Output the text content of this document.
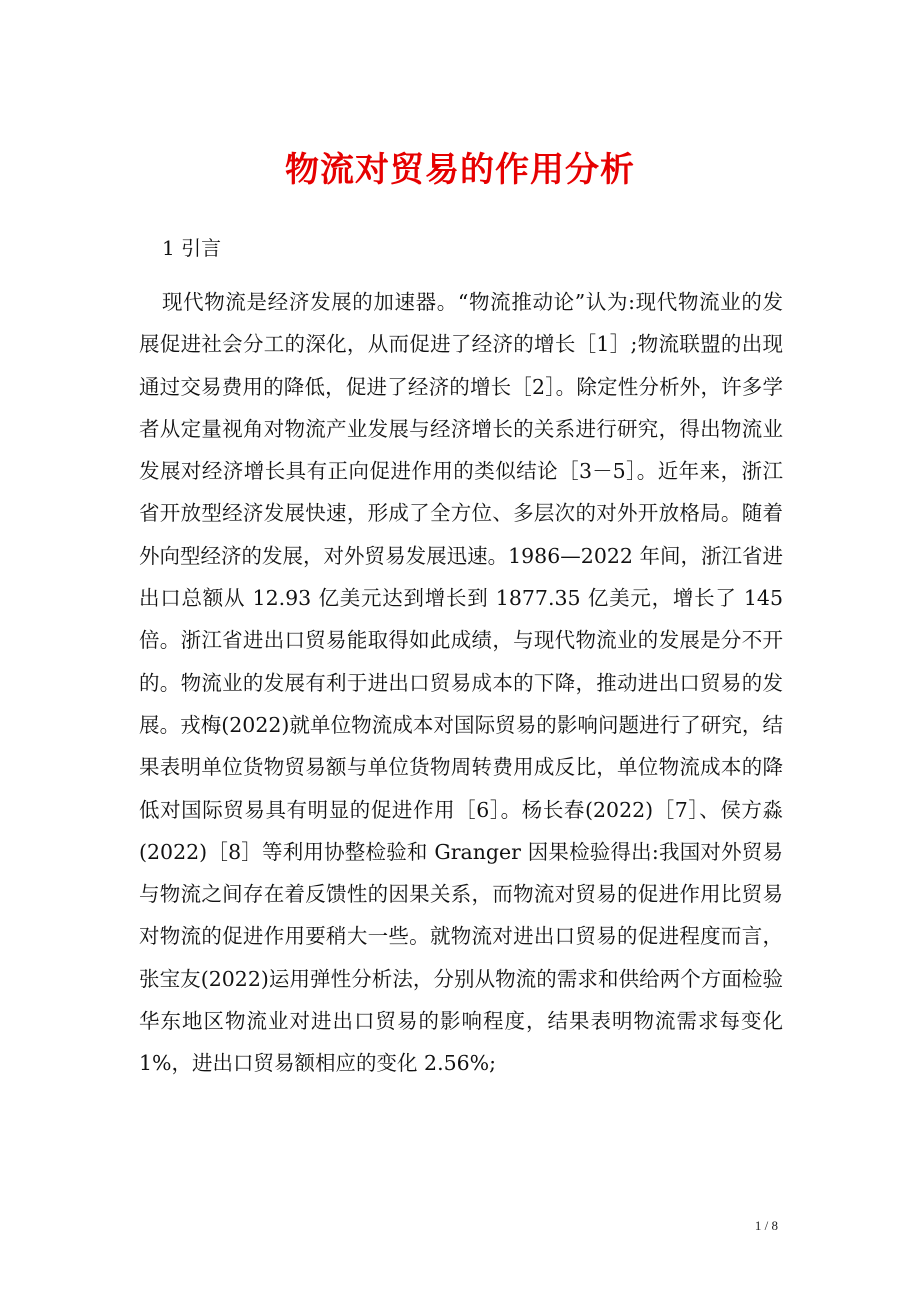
物流对贸易的作用分析
1 引言

现代物流是经济发展的加速器。“物流推动论”认为:现代物流业的发展促进社会分工的深化，从而促进了经济的增长［1］;物流联盟的出现通过交易费用的降低，促进了经济的增长［2］。除定性分析外，许多学者从定量视角对物流产业发展与经济增长的关系进行研究，得出物流业发展对经济增长具有正向促进作用的类似结论［3－5］。近年来，浙江省开放型经济发展快速，形成了全方位、多层次的对外开放格局。随着外向型经济的发展，对外贸易发展迅速。1986—2022 年间，浙江省进出口总额从 12.93 亿美元达到增长到 1877.35 亿美元，增长了 145 倍。浙江省进出口贸易能取得如此成绩，与现代物流业的发展是分不开的。物流业的发展有利于进出口贸易成本的下降，推动进出口贸易的发展。戎梅(2022)就单位物流成本对国际贸易的影响问题进行了研究，结果表明单位货物贸易额与单位货物周转费用成反比，单位物流成本的降低对国际贸易具有明显的促进作用［6］。杨长春(2022)［7］、侯方淼(2022)［8］等利用协整检验和 Granger 因果检验得出:我国对外贸易与物流之间存在着反馈性的因果关系，而物流对贸易的促进作用比贸易对物流的促进作用要稍大一些。就物流对进出口贸易的促进程度而言，张宝友(2022)运用弹性分析法，分别从物流的需求和供给两个方面检验华东地区物流业对进出口贸易的影响程度，结果表明物流需求每变化 1%，进出口贸易额相应的变化 2.56%;

1 / 8
